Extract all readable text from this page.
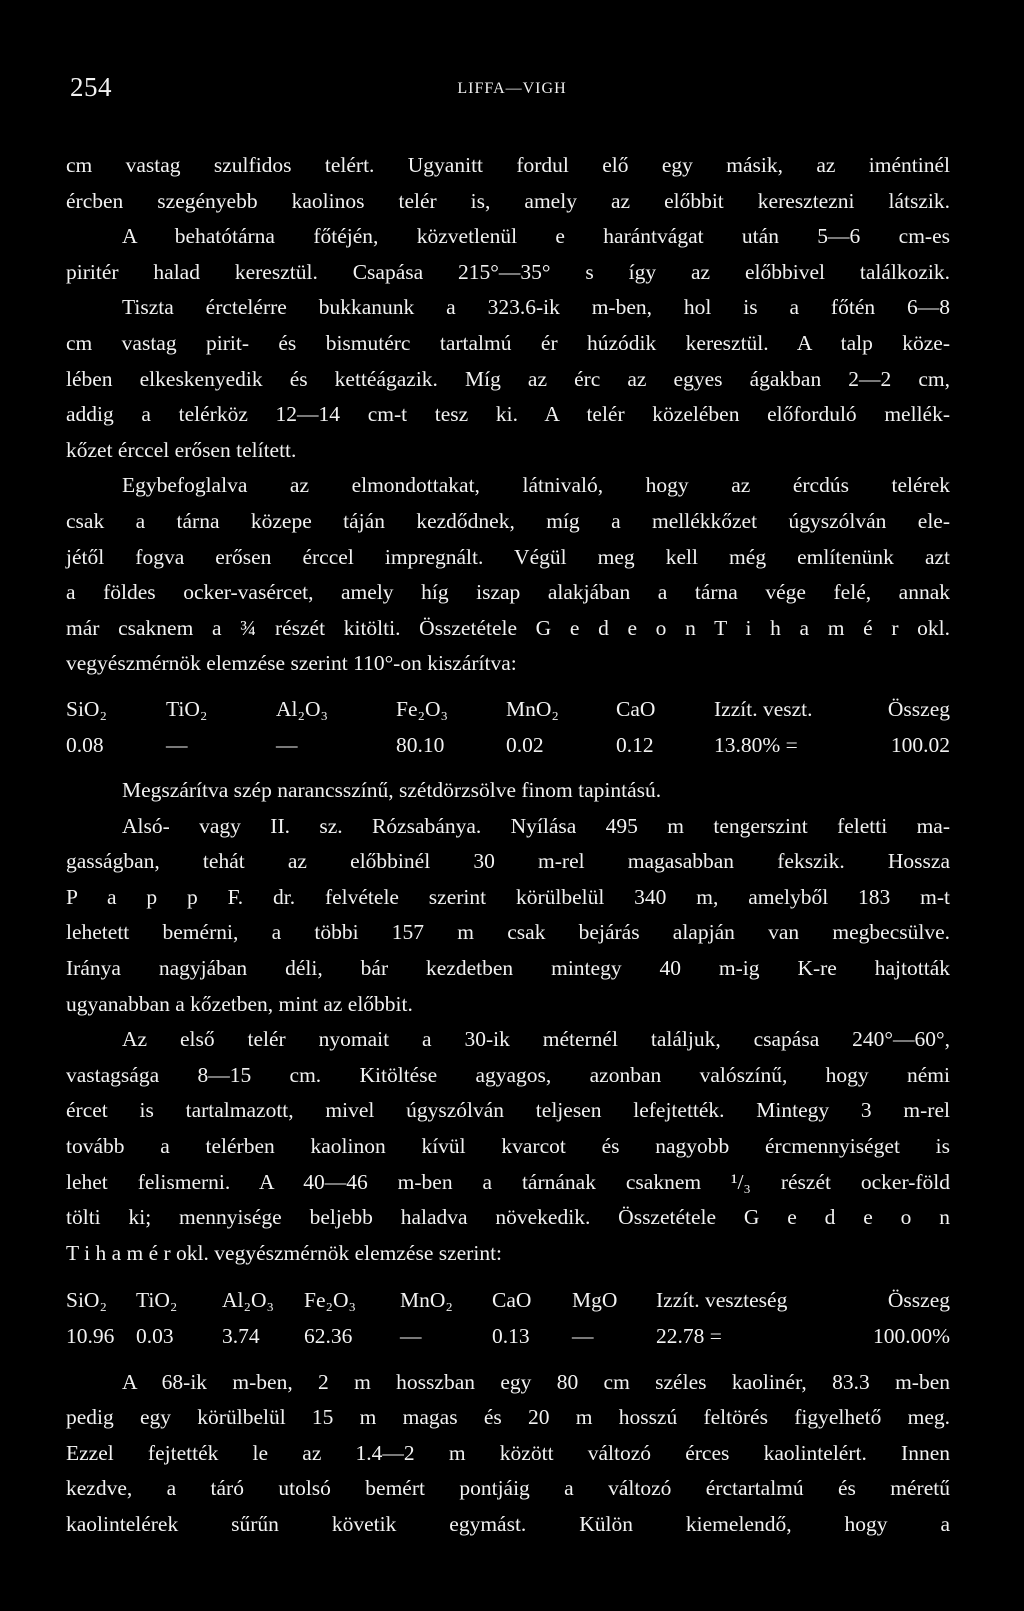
254	LIFFA—VIGH
cm vastag szulfidos telért. Ugyanitt fordul elő egy másik, az iméntinél
ércben szegényebb kaolinos telér is, amely az előbbit keresztezni látszik.
A behatótárna főtéjén, közvetlenül e harántvágat után 5—6 cm-es
piritér halad keresztül. Csapása 215°—35° s így az előbbivel találkozik.
Tiszta érctelérre bukkanunk a 323.6-ik m-ben, hol is a főtén 6—8
cm vastag pirit- és bismutérc tartalmú ér húzódik keresztül. A talp köze-
lében elkeskenyedik és kettéágazik. Míg az érc az egyes ágakban 2—2 cm,
addig a telérköz 12—14 cm-t tesz ki. A telér közelében előforduló mellék-
kőzet érccel erősen telített.
Egybefoglalva az elmondottakat, látnivaló, hogy az ércdús telérek
csak a tárna közepe táján kezdődnek, míg a mellékkőzet úgyszólván ele-
jétől fogva erősen érccel impregnált. Végül meg kell még említenünk azt
a földes ocker-vasércet, amely híg iszap alakjában a tárna vége felé, annak
már csaknem a ¾ részét kitölti. Összetétele G e d e o n T i h a m é r okl.
vegyészmérnök elemzése szerint 110°-on kiszárítva:
SiO₂	TiO₂	Al₂O₃	Fe₂O₃	MnO₂	CaO	Izzít. veszt.	Összeg
0.08	—	—	80.10	0.02	0.12	13.80% =	100.02
Megszárítva szép narancsszínű, szétdörzsölve finom tapintású.
Alsó- vagy II. sz. Rózsabánya. Nyílása 495 m tengerszint feletti ma-
gasságban, tehát az előbbinél 30 m-rel magasabban fekszik. Hossza
P a p p F. dr. felvétele szerint körülbelül 340 m, amelyből 183 m-t
lehetett bemérni, a többi 157 m csak bejárás alapján van megbecsülve.
Iránya nagyjában déli, bár kezdetben mintegy 40 m-ig K-re hajtották
ugyanabban a kőzetben, mint az előbbit.
Az első telér nyomait a 30-ik méternél találjuk, csapása 240°—60°,
vastagsága 8—15 cm. Kitöltése agyagos, azonban valószínű, hogy némi
ércet is tartalmazott, mivel úgyszólván teljesen lefejtették. Mintegy 3 m-rel
tovább a telérben kaolinon kívül kvarcot és nagyobb ércmennyiséget is
lehet felismerni. A 40—46 m-ben a tárnának csaknem ¹/₃ részét ocker-föld
tölti ki; mennyisége beljebb haladva növekedik. Összetétele G e d e o n
T i h a m é r okl. vegyészmérnök elemzése szerint:
SiO₂	TiO₂	Al₂O₃	Fe₂O₃	MnO₂	CaO	MgO	Izzít. veszteség	Összeg
10.96	0.03	3.74	62.36	—	0.13	—	22.78 =	100.00%
A 68-ik m-ben, 2 m hosszban egy 80 cm széles kaolinér, 83.3 m-ben
pedig egy körülbelül 15 m magas és 20 m hosszú feltörés figyelhető meg.
Ezzel fejtették le az 1.4—2 m között változó érces kaolintelért. Innen
kezdve, a táró utolsó bemért pontjáig a változó érctartalmú és méretű
kaolintelérek sűrűn követik egymást. Külön kiemelendő, hogy a
